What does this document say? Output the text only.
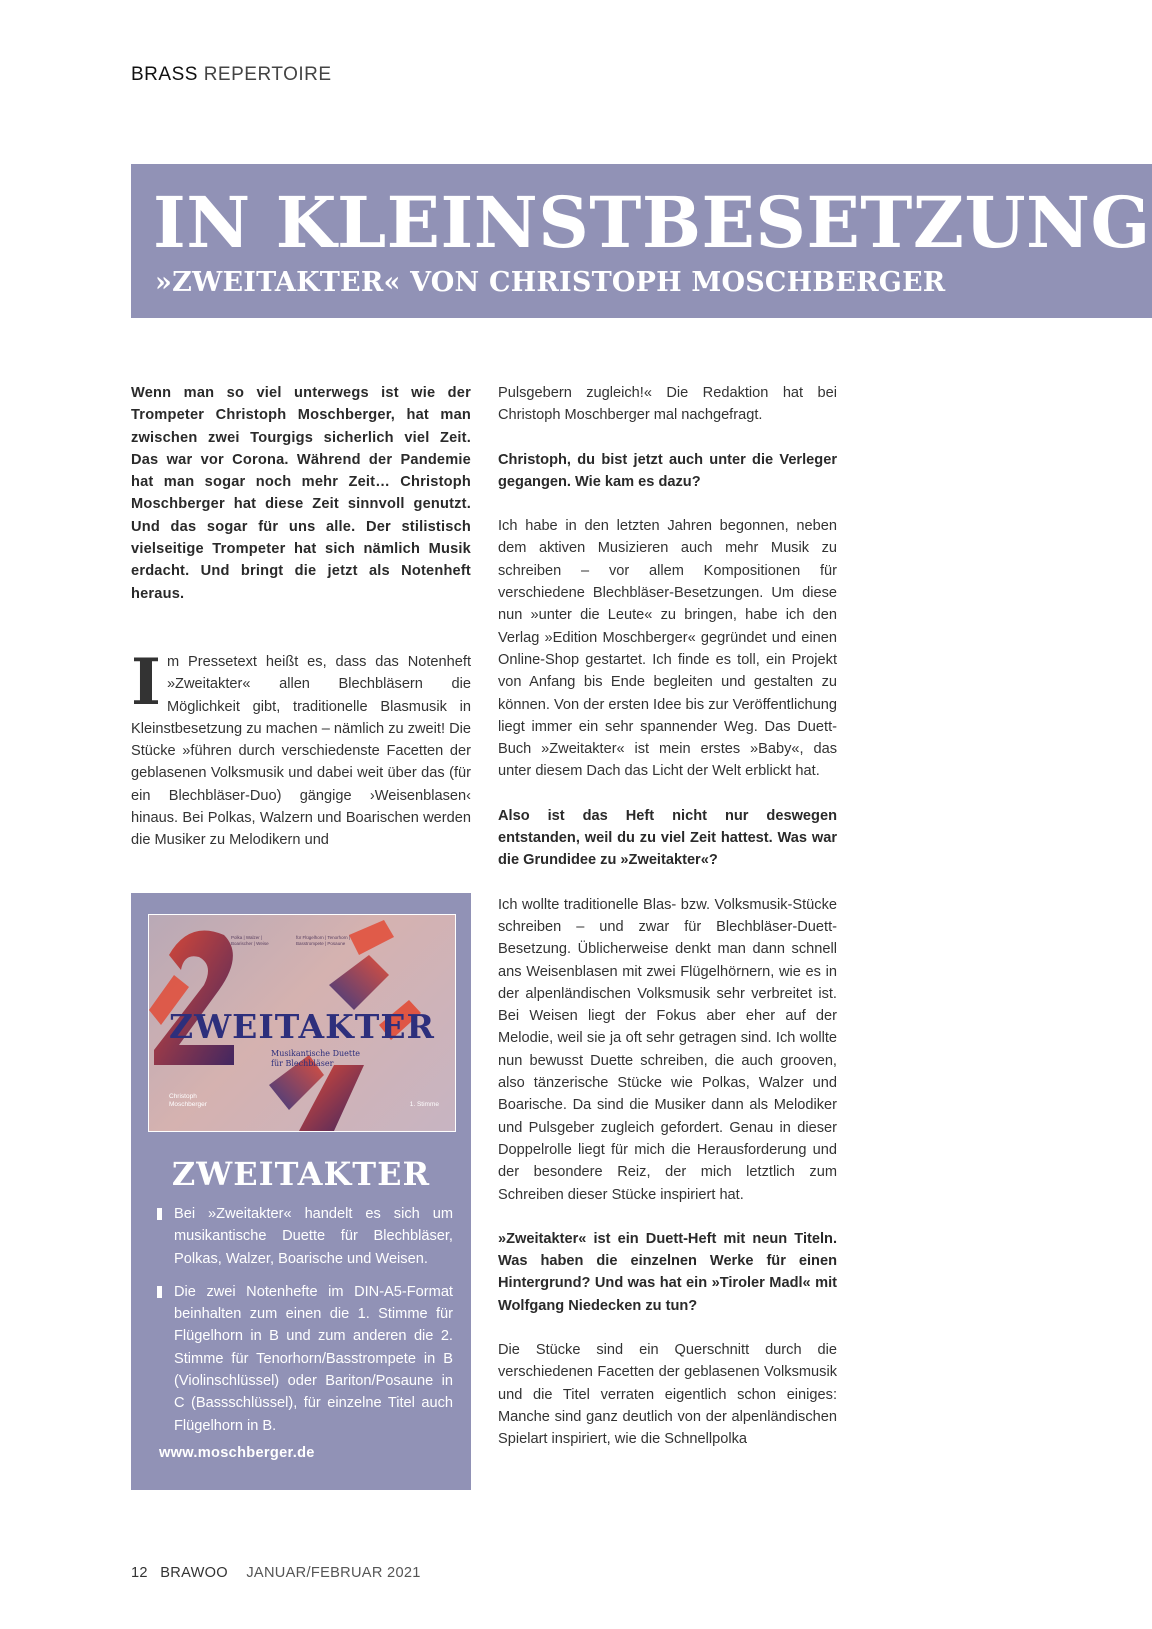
BRASS REPERTOIRE
IN KLEINSTBESETZUNG
»ZWEITAKTER« VON CHRISTOPH MOSCHBERGER

Wenn man so viel unterwegs ist wie der Trompeter Christoph Moschberger, hat man zwischen zwei Tourgigs sicherlich viel Zeit. Das war vor Corona. Während der Pandemie hat man sogar noch mehr Zeit… Christoph Moschberger hat diese Zeit sinnvoll genutzt. Und das sogar für uns alle. Der stilistisch vielseitige Trompeter hat sich nämlich Musik erdacht. Und bringt die jetzt als Notenheft heraus.

Im Pressetext heißt es, dass das Notenheft »Zweitakter« allen Blechbläsern die Möglichkeit gibt, traditionelle Blasmusik in Kleinstbesetzung zu machen – nämlich zu zweit! Die Stücke »führen durch verschiedenste Facetten der geblasenen Volksmusik und dabei weit über das (für ein Blechbläser-Duo) gängige ›Weisenblasen‹ hinaus. Bei Polkas, Walzern und Boarischen werden die Musiker zu Melodikern und

Polka | Walzer |
Boarischer | Weise
für Flügelhorn | Tenorhorn |
Basstrompete | Posaune
ZWEITAKTER
Musikantische Duette
für Blechbläser
Christoph
Moschberger	1. Stimme
ZWEITAKTER
Bei »Zweitakter« handelt es sich um musikantische Duette für Blechbläser, Polkas, Walzer, Boarische und Weisen.
Die zwei Notenhefte im DIN-A5-Format beinhalten zum einen die 1. Stimme für Flügelhorn in B und zum anderen die 2. Stimme für Tenorhorn/Basstrompete in B (Violinschlüssel) oder Bariton/Posaune in C (Bassschlüssel), für einzelne Titel auch Flügelhorn in B.
www.moschberger.de

Pulsgebern zugleich!« Die Redaktion hat bei Christoph Moschberger mal nachgefragt.

Christoph, du bist jetzt auch unter die Verleger gegangen. Wie kam es dazu?

Ich habe in den letzten Jahren begonnen, neben dem aktiven Musizieren auch mehr Musik zu schreiben – vor allem Kompositionen für verschiedene Blechbläser-Besetzungen. Um diese nun »unter die Leute« zu bringen, habe ich den Verlag »Edition Moschberger« gegründet und einen Online-Shop gestartet. Ich finde es toll, ein Projekt von Anfang bis Ende begleiten und gestalten zu können. Von der ersten Idee bis zur Veröffentlichung liegt immer ein sehr spannender Weg. Das Duett-Buch »Zweitakter« ist mein erstes »Baby«, das unter diesem Dach das Licht der Welt erblickt hat.

Also ist das Heft nicht nur deswegen entstanden, weil du zu viel Zeit hattest. Was war die Grundidee zu »Zweitakter«?

Ich wollte traditionelle Blas- bzw. Volksmusik-Stücke schreiben – und zwar für Blechbläser-Duett-Besetzung. Üblicherweise denkt man dann schnell ans Weisenblasen mit zwei Flügelhörnern, wie es in der alpenländischen Volksmusik sehr verbreitet ist. Bei Weisen liegt der Fokus aber eher auf der Melodie, weil sie ja oft sehr getragen sind. Ich wollte nun bewusst Duette schreiben, die auch grooven, also tänzerische Stücke wie Polkas, Walzer und Boarische. Da sind die Musiker dann als Melodiker und Pulsgeber zugleich gefordert. Genau in dieser Doppelrolle liegt für mich die Herausforderung und der besondere Reiz, der mich letztlich zum Schreiben dieser Stücke inspiriert hat.

»Zweitakter« ist ein Duett-Heft mit neun Titeln. Was haben die einzelnen Werke für einen Hintergrund? Und was hat ein »Tiroler Madl« mit Wolfgang Niedecken zu tun?

Die Stücke sind ein Querschnitt durch die verschiedenen Facetten der geblasenen Volksmusik und die Titel verraten eigentlich schon einiges: Manche sind ganz deutlich von der alpenländischen Spielart inspiriert, wie die Schnellpolka

12 BRAWOO JANUAR/FEBRUAR 2021
